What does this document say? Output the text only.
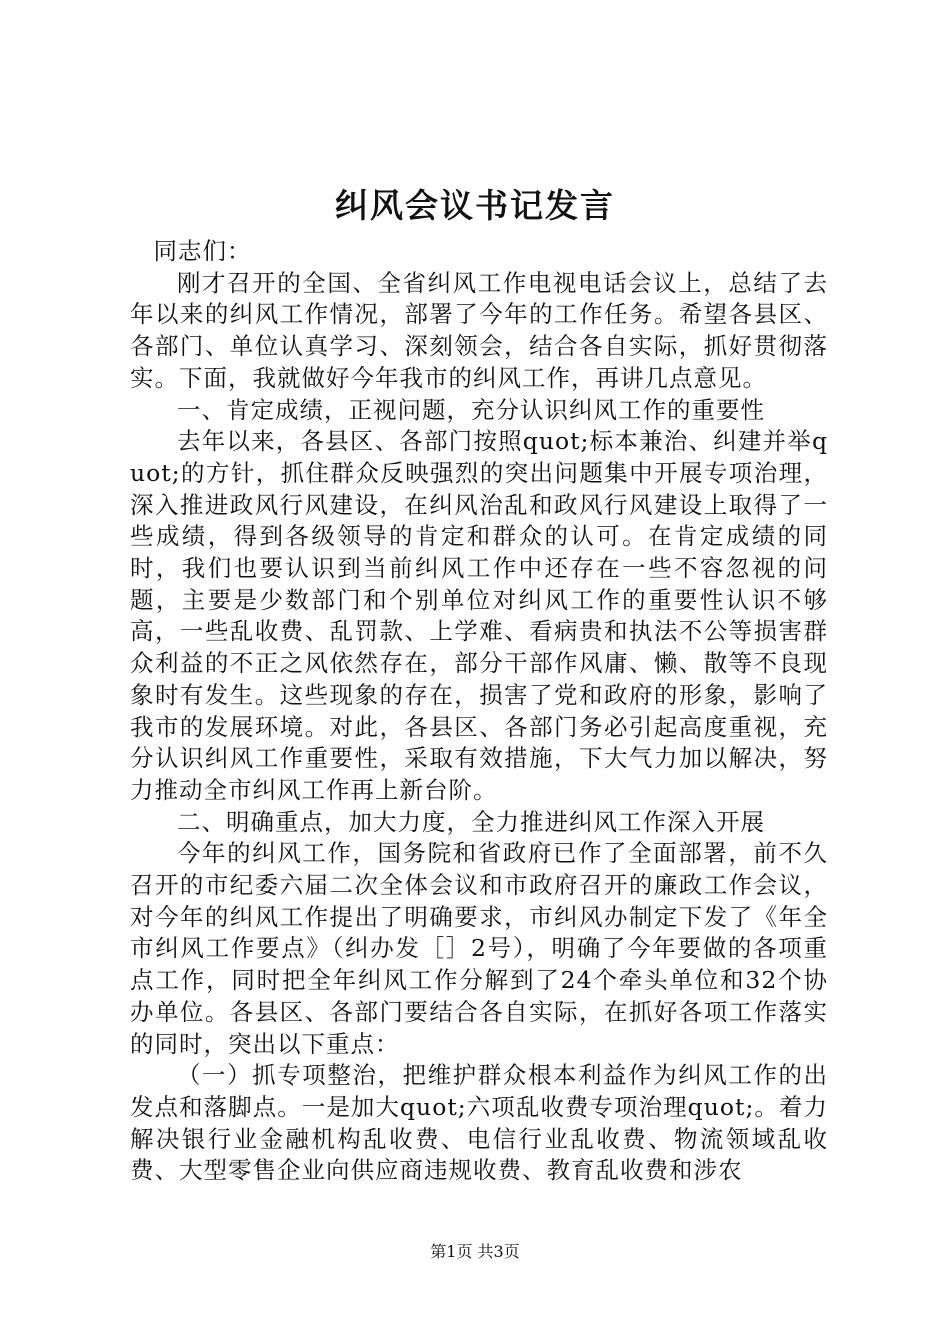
纠风会议书记发言

同志们：

刚才召开的全国、全省纠风工作电视电话会议上，总结了去年以来的纠风工作情况，部署了今年的工作任务。希望各县区、各部门、单位认真学习、深刻领会，结合各自实际，抓好贯彻落实。下面，我就做好今年我市的纠风工作，再讲几点意见。

一、肯定成绩，正视问题，充分认识纠风工作的重要性

去年以来，各县区、各部门按照quot;标本兼治、纠建并举quot;的方针，抓住群众反映强烈的突出问题集中开展专项治理，深入推进政风行风建设，在纠风治乱和政风行风建设上取得了一些成绩，得到各级领导的肯定和群众的认可。在肯定成绩的同时，我们也要认识到当前纠风工作中还存在一些不容忽视的问题，主要是少数部门和个别单位对纠风工作的重要性认识不够高，一些乱收费、乱罚款、上学难、看病贵和执法不公等损害群众利益的不正之风依然存在，部分干部作风庸、懒、散等不良现象时有发生。这些现象的存在，损害了党和政府的形象，影响了我市的发展环境。对此，各县区、各部门务必引起高度重视，充分认识纠风工作重要性，采取有效措施，下大气力加以解决，努力推动全市纠风工作再上新台阶。

二、明确重点，加大力度，全力推进纠风工作深入开展

今年的纠风工作，国务院和省政府已作了全面部署，前不久召开的市纪委六届二次全体会议和市政府召开的廉政工作会议，对今年的纠风工作提出了明确要求，市纠风办制定下发了《年全市纠风工作要点》（纠办发［］2号），明确了今年要做的各项重点工作，同时把全年纠风工作分解到了24个牵头单位和32个协办单位。各县区、各部门要结合各自实际，在抓好各项工作落实的同时，突出以下重点：

（一）抓专项整治，把维护群众根本利益作为纠风工作的出发点和落脚点。一是加大quot;六项乱收费专项治理quot;。着力解决银行业金融机构乱收费、电信行业乱收费、物流领域乱收费、大型零售企业向供应商违规收费、教育乱收费和涉农

第1页 共3页
